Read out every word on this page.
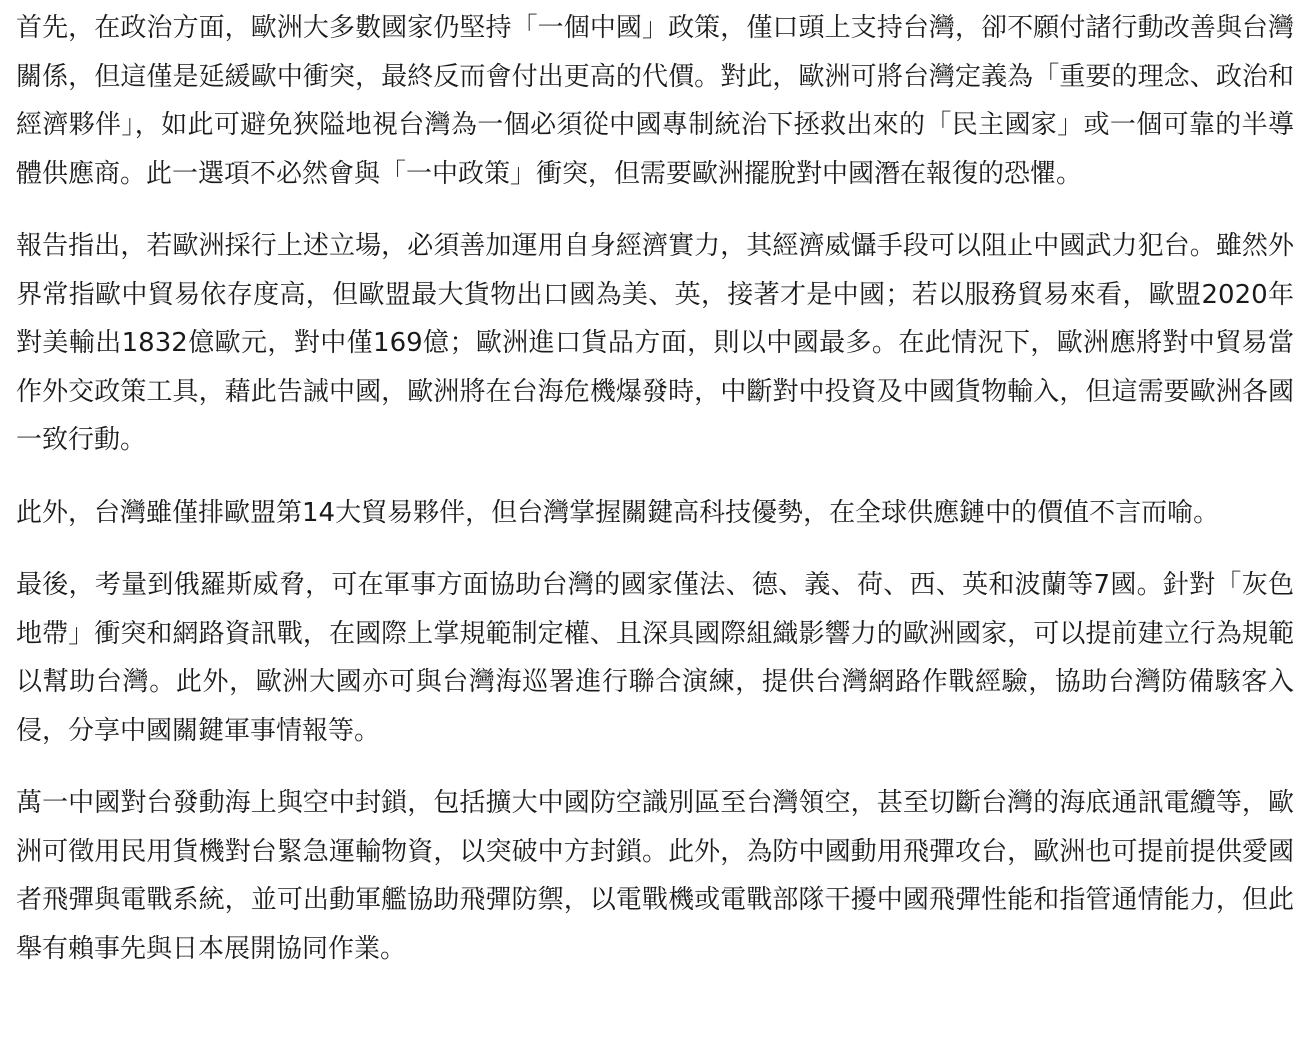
首先，在政治方面，歐洲大多數國家仍堅持「一個中國」政策，僅口頭上支持台灣，卻不願付諸行動改善與台灣關係，但這僅是延緩歐中衝突，最終反而會付出更高的代價。對此，歐洲可將台灣定義為「重要的理念、政治和經濟夥伴」，如此可避免狹隘地視台灣為一個必須從中國專制統治下拯救出來的「民主國家」或一個可靠的半導體供應商。此一選項不必然會與「一中政策」衝突，但需要歐洲擺脫對中國潛在報復的恐懼。

報告指出，若歐洲採行上述立場，必須善加運用自身經濟實力，其經濟威懾手段可以阻止中國武力犯台。雖然外界常指歐中貿易依存度高，但歐盟最大貨物出口國為美、英，接著才是中國；若以服務貿易來看，歐盟2020年對美輸出1832億歐元，對中僅169億；歐洲進口貨品方面，則以中國最多。在此情況下，歐洲應將對中貿易當作外交政策工具，藉此告誡中國，歐洲將在台海危機爆發時，中斷對中投資及中國貨物輸入，但這需要歐洲各國一致行動。

此外，台灣雖僅排歐盟第14大貿易夥伴，但台灣掌握關鍵高科技優勢，在全球供應鏈中的價值不言而喻。

最後，考量到俄羅斯威脅，可在軍事方面協助台灣的國家僅法、德、義、荷、西、英和波蘭等7國。針對「灰色地帶」衝突和網路資訊戰，在國際上掌規範制定權、且深具國際組織影響力的歐洲國家，可以提前建立行為規範以幫助台灣。此外，歐洲大國亦可與台灣海巡署進行聯合演練，提供台灣網路作戰經驗，協助台灣防備駭客入侵，分享中國關鍵軍事情報等。

萬一中國對台發動海上與空中封鎖，包括擴大中國防空識別區至台灣領空，甚至切斷台灣的海底通訊電纜等，歐洲可徵用民用貨機對台緊急運輸物資，以突破中方封鎖。此外，為防中國動用飛彈攻台，歐洲也可提前提供愛國者飛彈與電戰系統，並可出動軍艦協助飛彈防禦，以電戰機或電戰部隊干擾中國飛彈性能和指管通情能力，但此舉有賴事先與日本展開協同作業。
